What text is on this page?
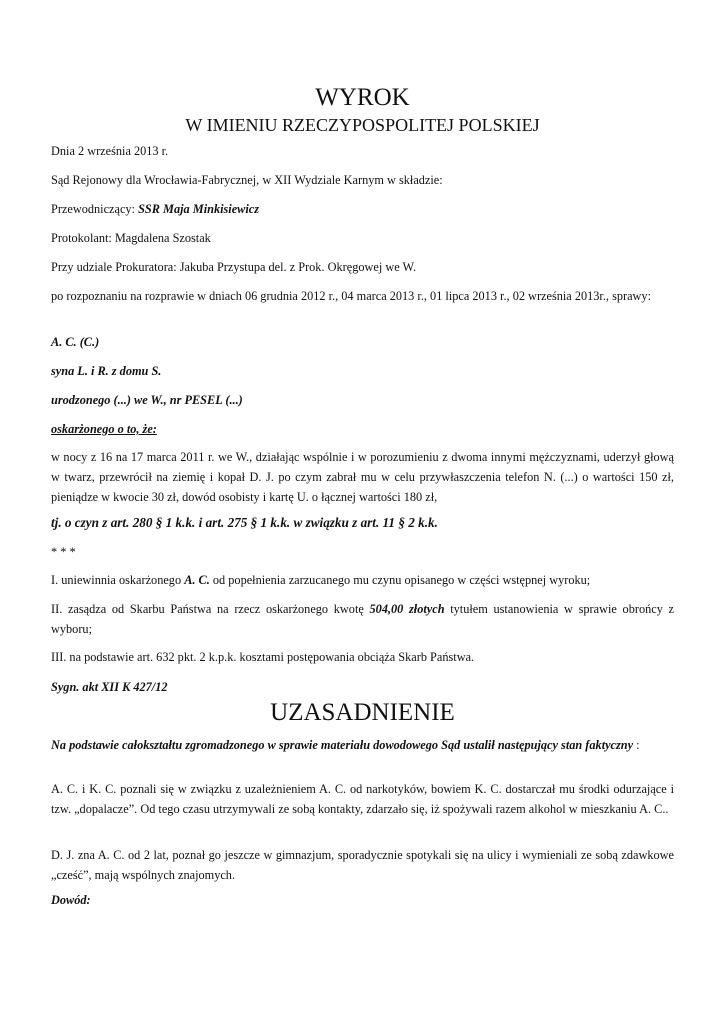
WYROK
W IMIENIU RZECZYPOSPOLITEJ POLSKIEJ

Dnia 2 września 2013 r.

Sąd Rejonowy dla Wrocławia-Fabrycznej, w XII Wydziale Karnym w składzie:

Przewodniczący: SSR Maja Minkisiewicz

Protokolant: Magdalena Szostak

Przy udziale Prokuratora: Jakuba Przystupa del. z Prok. Okręgowej we W.

po rozpoznaniu na rozprawie w dniach 06 grudnia 2012 r., 04 marca 2013 r., 01 lipca 2013 r., 02 września 2013r., sprawy:

A. C. (C.)

syna L. i R. z domu S.

urodzonego (...) we W., nr PESEL (...)

oskarżonego o to, że:

w nocy z 16 na 17 marca 2011 r. we W., działając wspólnie i w porozumieniu z dwoma innymi mężczyznami, uderzył głową w twarz, przewrócił na ziemię i kopał D. J. po czym zabrał mu w celu przywłaszczenia telefon N. (...) o wartości 150 zł, pieniądze w kwocie 30 zł, dowód osobisty i kartę U. o łącznej wartości 180 zł,

tj. o czyn z art. 280 § 1 k.k. i art. 275 § 1 k.k. w związku z art. 11 § 2 k.k.

* * *

I. uniewinnia oskarżonego A. C. od popełnienia zarzucanego mu czynu opisanego w części wstępnej wyroku;

II. zasądza od Skarbu Państwa na rzecz oskarżonego kwotę 504,00 złotych tytułem ustanowienia w sprawie obrońcy z wyboru;

III. na podstawie art. 632 pkt. 2 k.p.k. kosztami postępowania obciąża Skarb Państwa.

Sygn. akt XII K 427/12

UZASADNIENIE

Na podstawie całokształtu zgromadzonego w sprawie materiału dowodowego Sąd ustalił następujący stan faktyczny :

A. C. i K. C. poznali się w związku z uzależnieniem A. C. od narkotyków, bowiem K. C. dostarczał mu środki odurzające i tzw. „dopalacze”. Od tego czasu utrzymywali ze sobą kontakty, zdarzało się, iż spożywali razem alkohol w mieszkaniu A. C..

D. J. zna A. C. od 2 lat, poznał go jeszcze w gimnazjum, sporadycznie spotykali się na ulicy i wymieniali ze sobą zdawkowe „cześć”, mają wspólnych znajomych.

Dowód:
